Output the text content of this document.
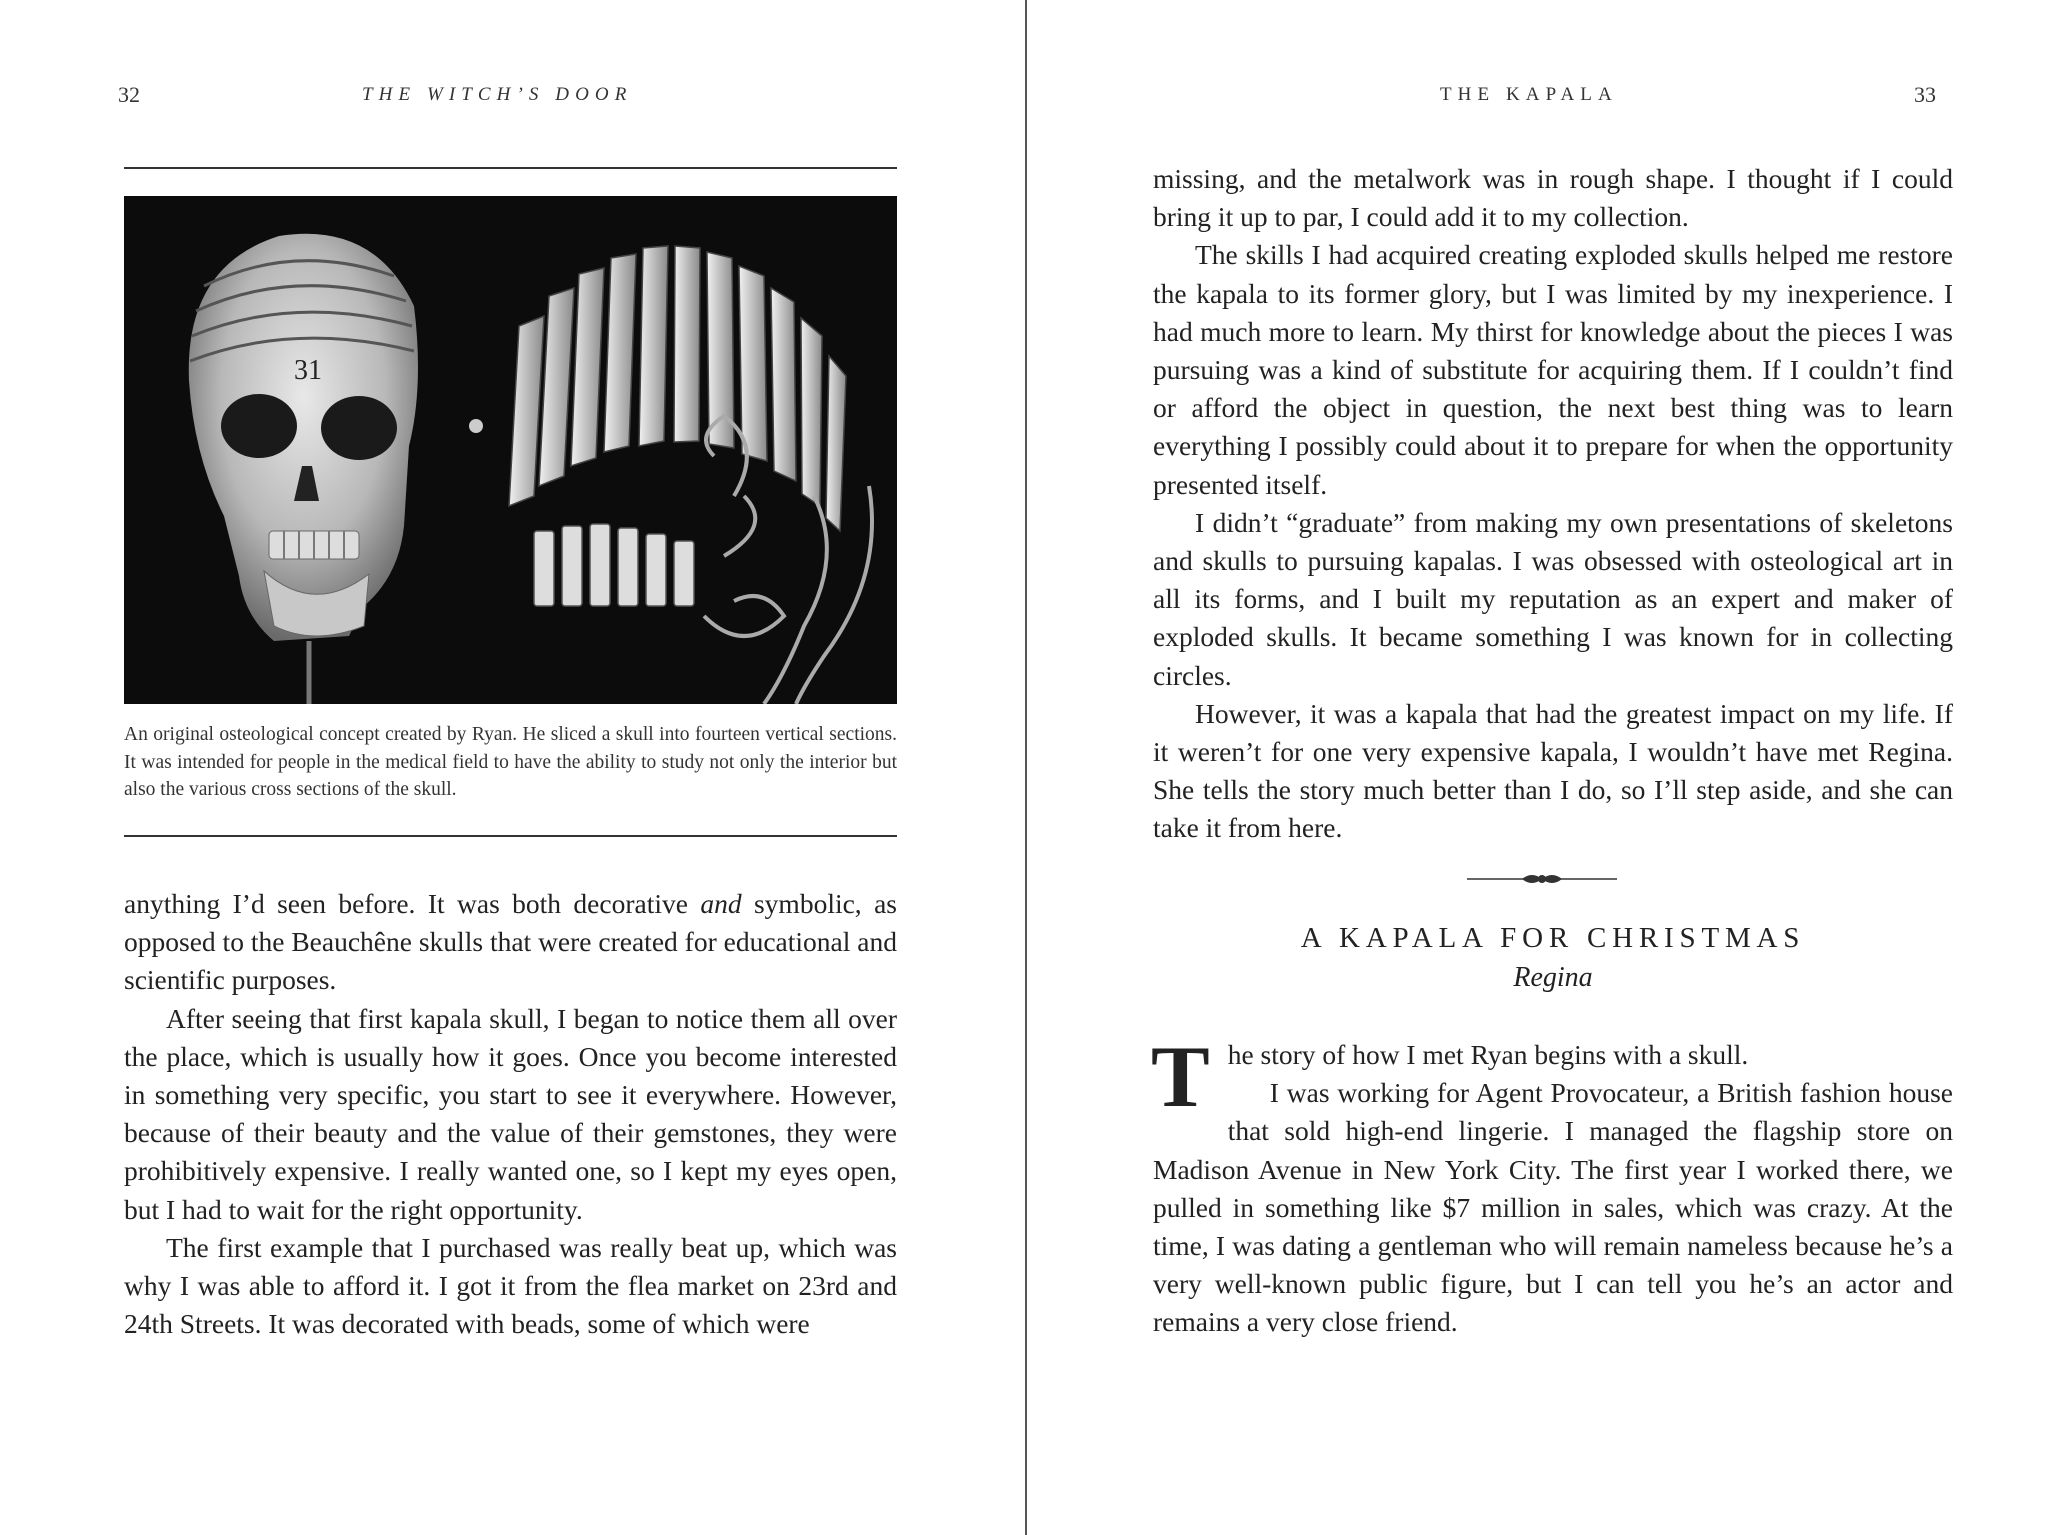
32	THE WITCH’S DOOR
31
An original osteological concept created by Ryan. He sliced a skull into fourteen vertical sections. It was intended for people in the medical field to have the ability to study not only the interior but also the various cross sections of the skull.

anything I’d seen before. It was both decorative and symbolic, as opposed to the Beauchêne skulls that were created for educational and scientific purposes.

After seeing that first kapala skull, I began to notice them all over the place, which is usually how it goes. Once you become interested in something very specific, you start to see it everywhere. However, because of their beauty and the value of their gemstones, they were prohibitively expensive. I really wanted one, so I kept my eyes open, but I had to wait for the right opportunity.

The first example that I purchased was really beat up, which was why I was able to afford it. I got it from the flea market on 23rd and 24th Streets. It was decorated with beads, some of which were

THE KAPALA	33

missing, and the metalwork was in rough shape. I thought if I could bring it up to par, I could add it to my collection.

The skills I had acquired creating exploded skulls helped me restore the kapala to its former glory, but I was limited by my inexperience. I had much more to learn. My thirst for knowledge about the pieces I was pursuing was a kind of substitute for acquiring them. If I couldn’t find or afford the object in question, the next best thing was to learn everything I possibly could about it to prepare for when the opportunity presented itself.

I didn’t “graduate” from making my own presentations of skeletons and skulls to pursuing kapalas. I was obsessed with osteological art in all its forms, and I built my reputation as an expert and maker of exploded skulls. It became something I was known for in collecting circles.

However, it was a kapala that had the greatest impact on my life. If it weren’t for one very expensive kapala, I wouldn’t have met Regina. She tells the story much better than I do, so I’ll step aside, and she can take it from here.

A KAPALA FOR CHRISTMAS
Regina

The story of how I met Ryan begins with a skull.

I was working for Agent Provocateur, a British fashion house that sold high-end lingerie. I managed the flagship store on Madison Avenue in New York City. The first year I worked there, we pulled in something like $7 million in sales, which was crazy. At the time, I was dating a gentleman who will remain nameless because he’s a very well-known public figure, but I can tell you he’s an actor and remains a very close friend.
